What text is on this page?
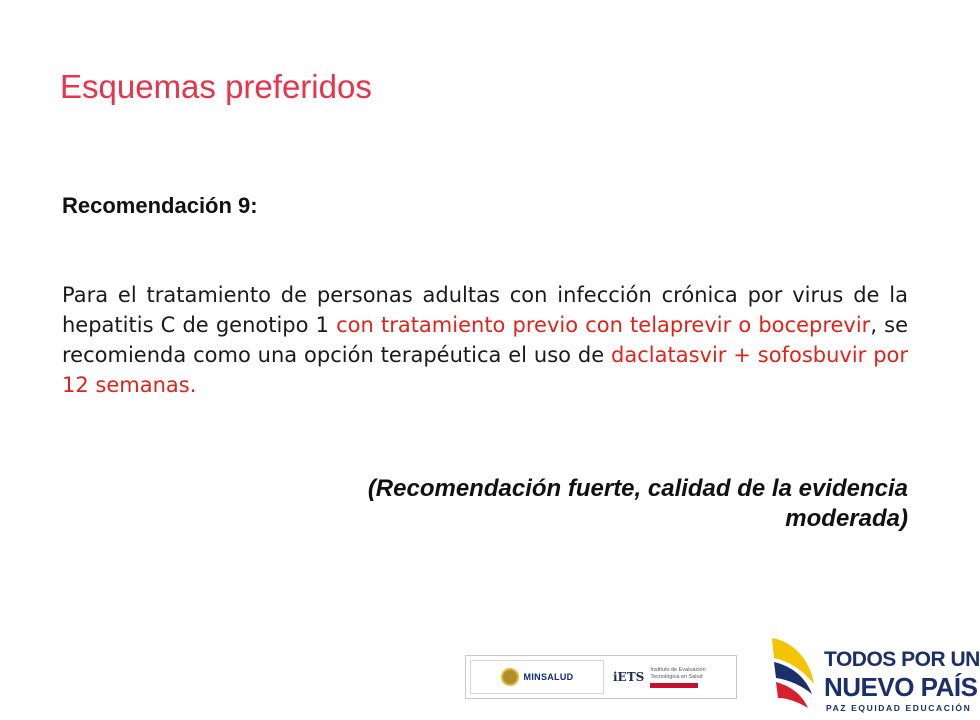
Esquemas preferidos
Recomendación 9:
Para el tratamiento de personas adultas con infección crónica por virus de la hepatitis C de genotipo 1 con tratamiento previo con telaprevir o boceprevir, se recomienda como una opción terapéutica el uso de daclatasvir + sofosbuvir por 12 semanas.
(Recomendación fuerte, calidad de la evidencia moderada)
MINSALUD	iETS
Instituto de Evaluación Tecnológica en Salud
TODOS POR UN
NUEVO PAÍS
PAZ EQUIDAD EDUCACIÓN
